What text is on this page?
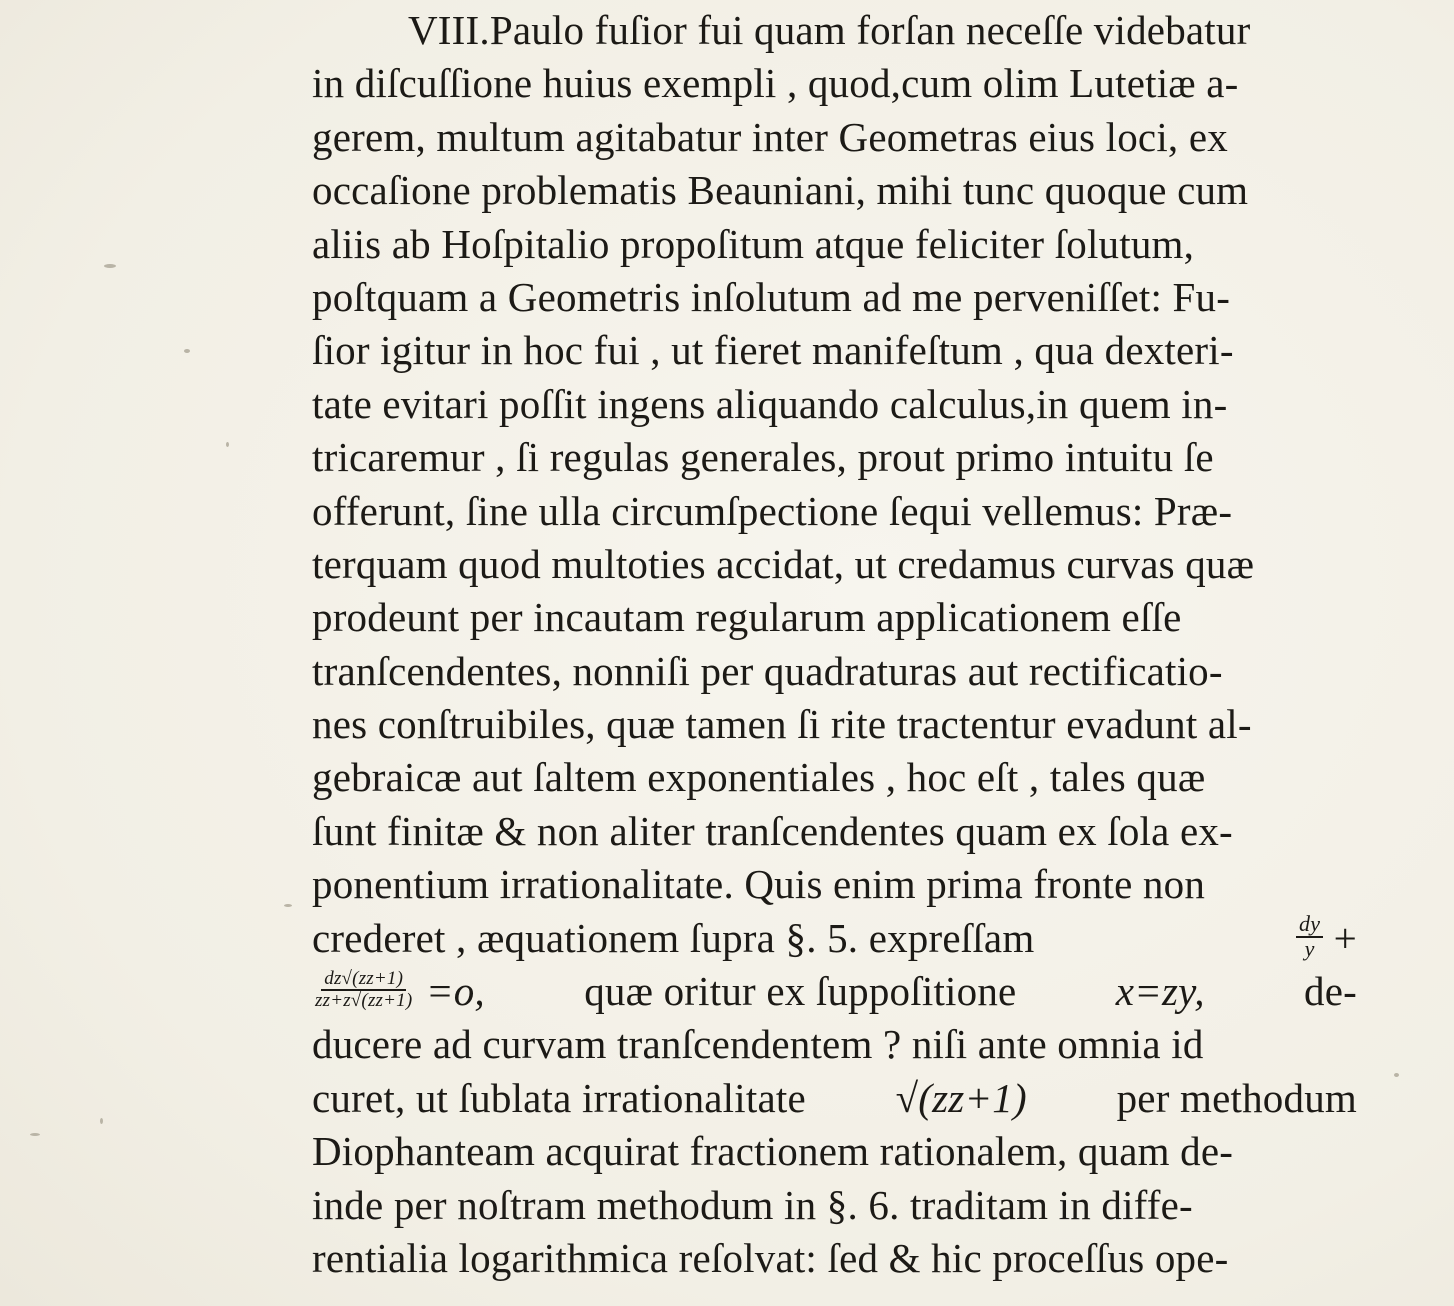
VIII.Paulo fuſior fui quam forſan neceſſe videbatur
in diſcuſſione huius exempli , quod,cum olim Lutetiæ a-
gerem, multum agitabatur inter Geometras eius loci, ex
occaſione problematis Beauniani, mihi tunc quoque cum
aliis ab Hoſpitalio propoſitum atque feliciter ſolutum,
poſtquam a Geometris inſolutum ad me perveniſſet: Fu-
ſior igitur in hoc fui , ut fieret manifeſtum , qua dexteri-
tate evitari poſſit ingens aliquando calculus,in quem in-
tricaremur , ſi regulas generales, prout primo intuitu ſe
offerunt, ſine ulla circumſpectione ſequi vellemus: Præ-
terquam quod multoties accidat, ut credamus curvas quæ
prodeunt per incautam regularum applicationem eſſe
tranſcendentes, nonniſi per quadraturas aut rectificatio-
nes conſtruibiles, quæ tamen ſi rite tractentur evadunt al-
gebraicæ aut ſaltem exponentiales , hoc eſt , tales quæ
ſunt finitæ & non aliter tranſcendentes quam ex ſola ex-
ponentium irrationalitate. Quis enim prima fronte non
crederet , æquationem ſupra §. 5. expreſſam	$\frac{dy}{y}$ +
$\frac{dz√(zz+1)}{zz+z√(zz+1)} =o$, quæ oritur ex ſuppoſitione x=zy, de-
ducere ad curvam tranſcendentem ? niſi ante omnia id
curet, ut ſublata irrationalitate √(zz+1) per methodum
Diophanteam acquirat fractionem rationalem, quam de-
inde per noſtram methodum in §. 6. traditam in diffe-
rentialia logarithmica reſolvat: ſed & hic proceſſus ope-
